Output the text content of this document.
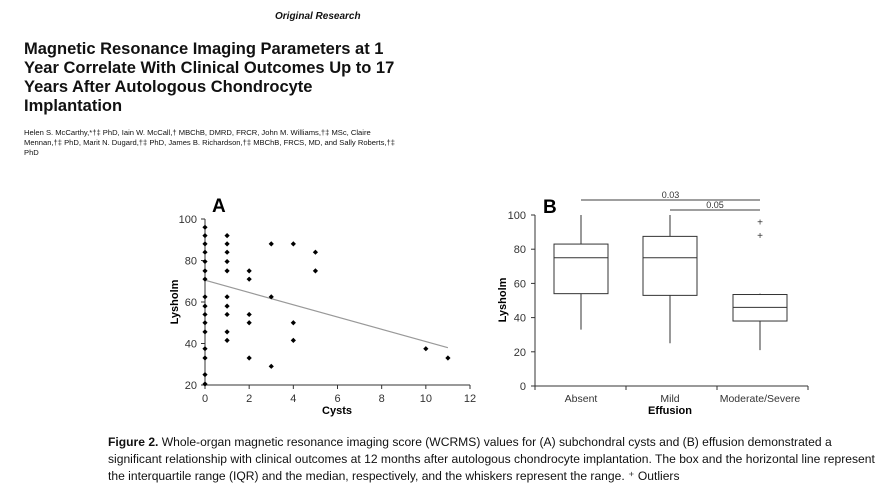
Original Research
Magnetic Resonance Imaging Parameters at 1 Year Correlate With Clinical Outcomes Up to 17 Years After Autologous Chondrocyte Implantation
Helen S. McCarthy,*†‡ PhD, Iain W. McCall,† MBChB, DMRD, FRCR, John M. Williams,†‡ MSc, Claire Mennan,†‡ PhD, Marit N. Dugard,†‡ PhD, James B. Richardson,†‡ MBChB, FRCS, MD, and Sally Roberts,†‡ PhD
A
20
40
60
80
100
0	2	4	6	8	10	12
Cysts
Lysholm
B
0
20
40
60
80
100
Absent	Mild	Moderate/Severe
Effusion
Lysholm
+
+
0.03
0.05
Figure 2. Whole-organ magnetic resonance imaging score (WCRMS) values for (A) subchondral cysts and (B) effusion demonstrated a significant relationship with clinical outcomes at 12 months after autologous chondrocyte implantation. The box and the horizontal line represent the interquartile range (IQR) and the median, respectively, and the whiskers represent the range. ⁺ Outliers
